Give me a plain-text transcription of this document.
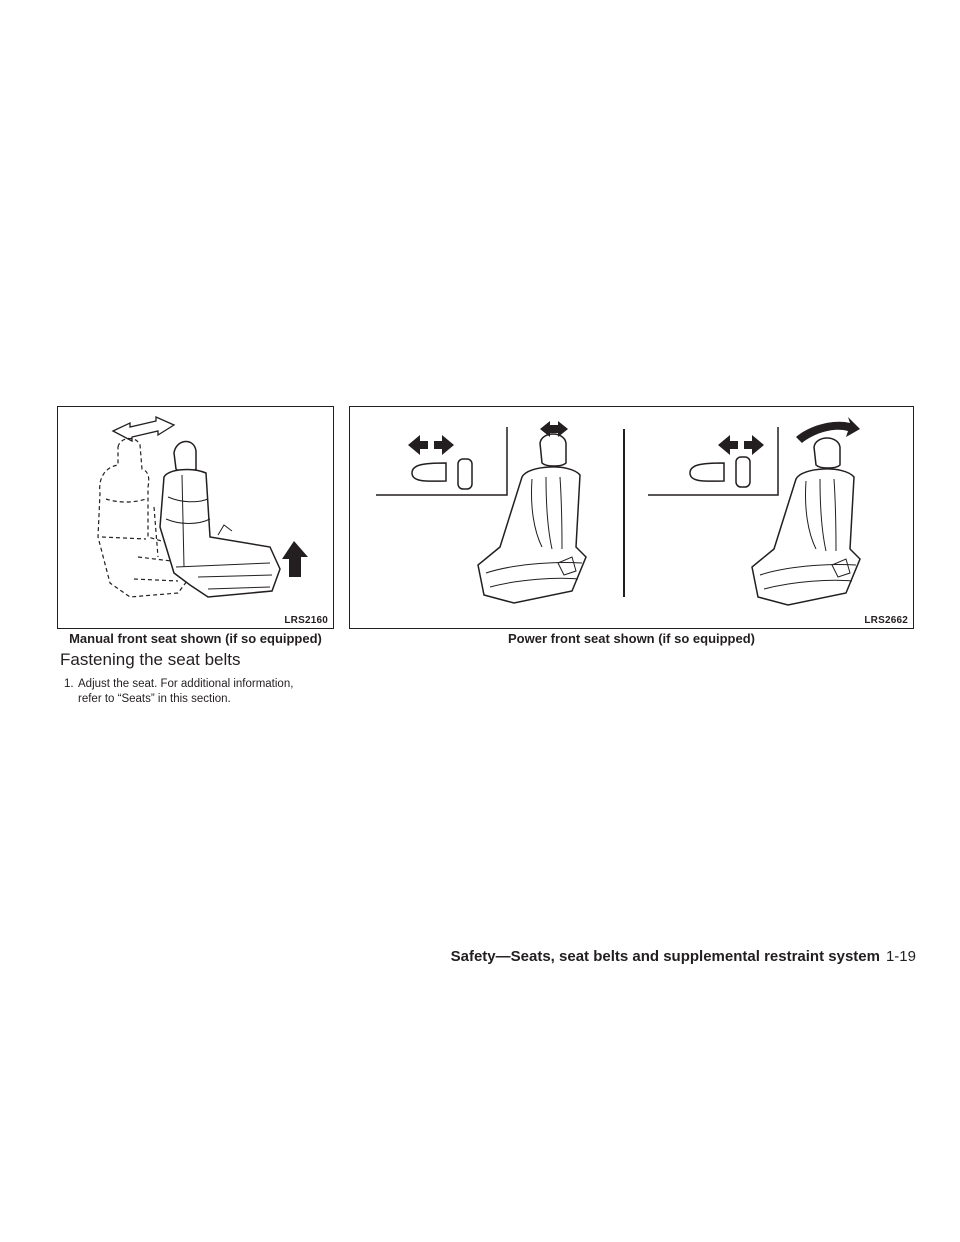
LRS2160
Manual front seat shown (if so equipped)
LRS2662
Power front seat shown (if so equipped)
Fastening the seat belts

1. Adjust the seat. For additional information,
refer to “Seats” in this section.

Safety—Seats, seat belts and supplemental restraint system 1-19
